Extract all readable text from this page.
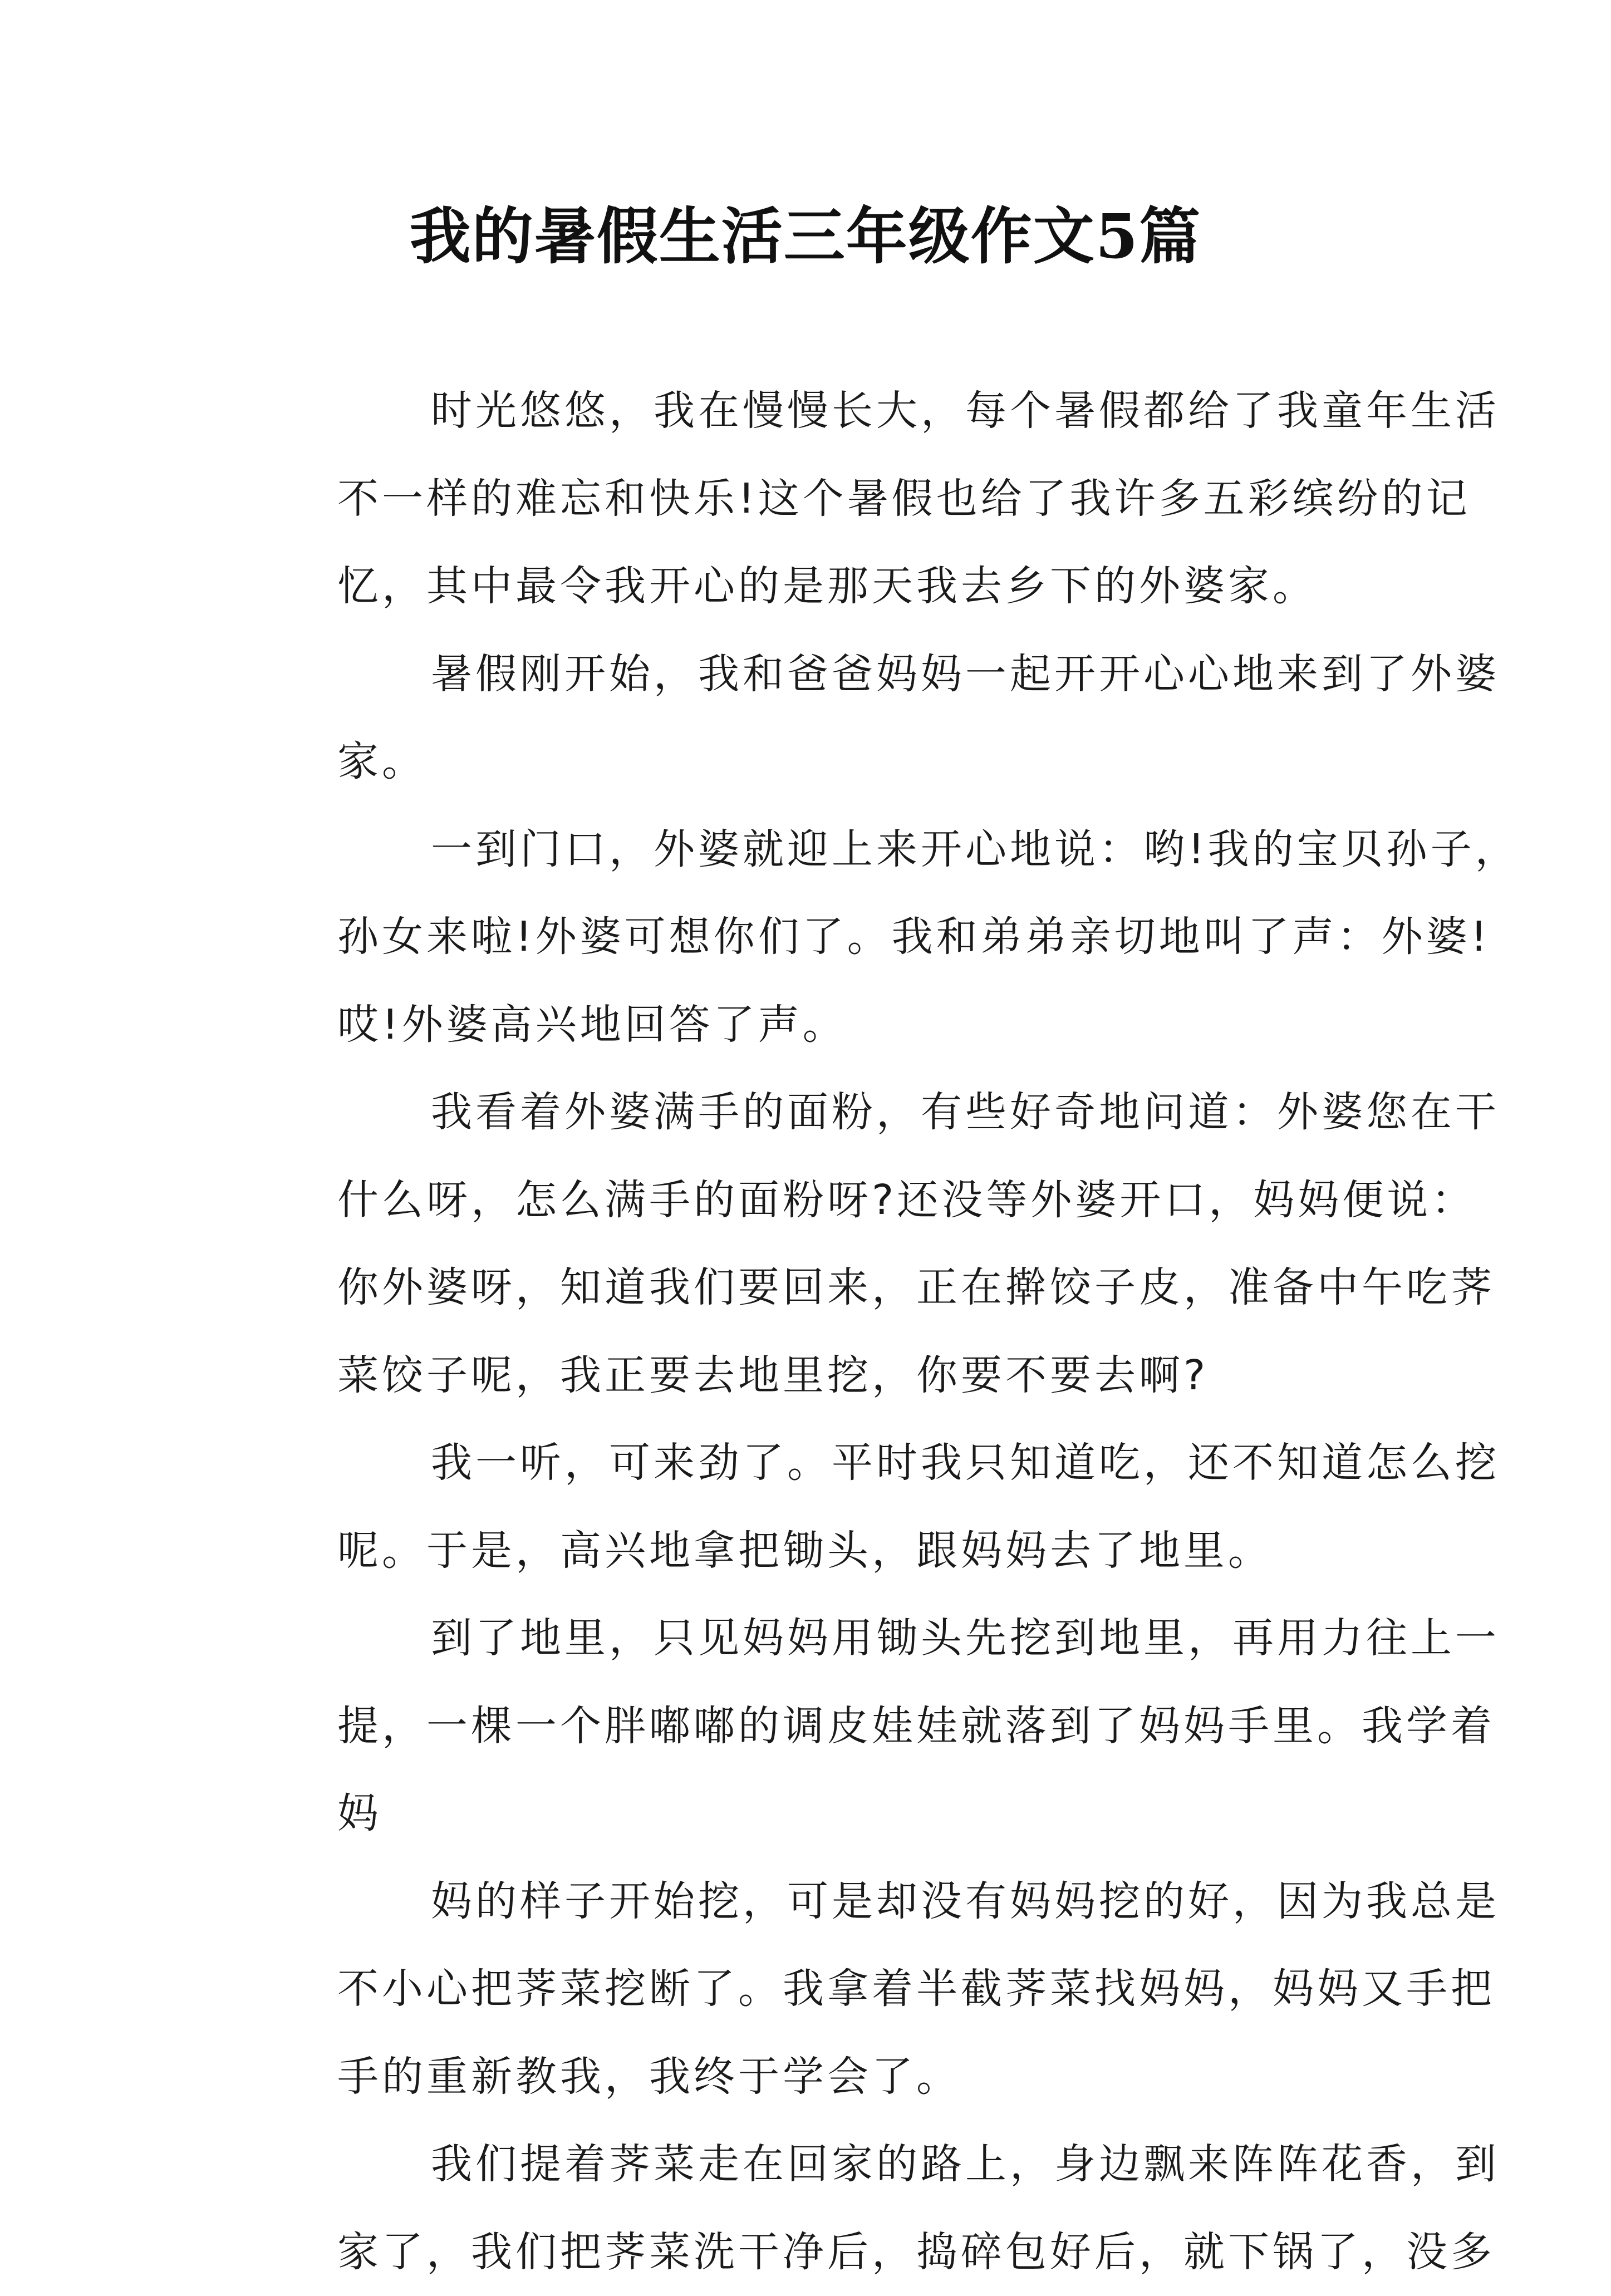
我的暑假生活三年级作文5篇
时光悠悠，我在慢慢长大，每个暑假都给了我童年生活
不一样的难忘和快乐!这个暑假也给了我许多五彩缤纷的记
忆，其中最令我开心的是那天我去乡下的外婆家。
暑假刚开始，我和爸爸妈妈一起开开心心地来到了外婆
家。
一到门口，外婆就迎上来开心地说：哟!我的宝贝孙子，
孙女来啦!外婆可想你们了。我和弟弟亲切地叫了声：外婆!
哎!外婆高兴地回答了声。
我看着外婆满手的面粉，有些好奇地问道：外婆您在干
什么呀，怎么满手的面粉呀?还没等外婆开口，妈妈便说：
你外婆呀，知道我们要回来，正在擀饺子皮，准备中午吃荠
菜饺子呢，我正要去地里挖，你要不要去啊?
我一听，可来劲了。平时我只知道吃，还不知道怎么挖
呢。于是，高兴地拿把锄头，跟妈妈去了地里。
到了地里，只见妈妈用锄头先挖到地里，再用力往上一
提，一棵一个胖嘟嘟的调皮娃娃就落到了妈妈手里。我学着
妈
妈的样子开始挖，可是却没有妈妈挖的好，因为我总是
不小心把荠菜挖断了。我拿着半截荠菜找妈妈，妈妈又手把
手的重新教我，我终于学会了。
我们提着荠菜走在回家的路上，身边飘来阵阵花香，到
家了，我们把荠菜洗干净后，捣碎包好后，就下锅了，没多
